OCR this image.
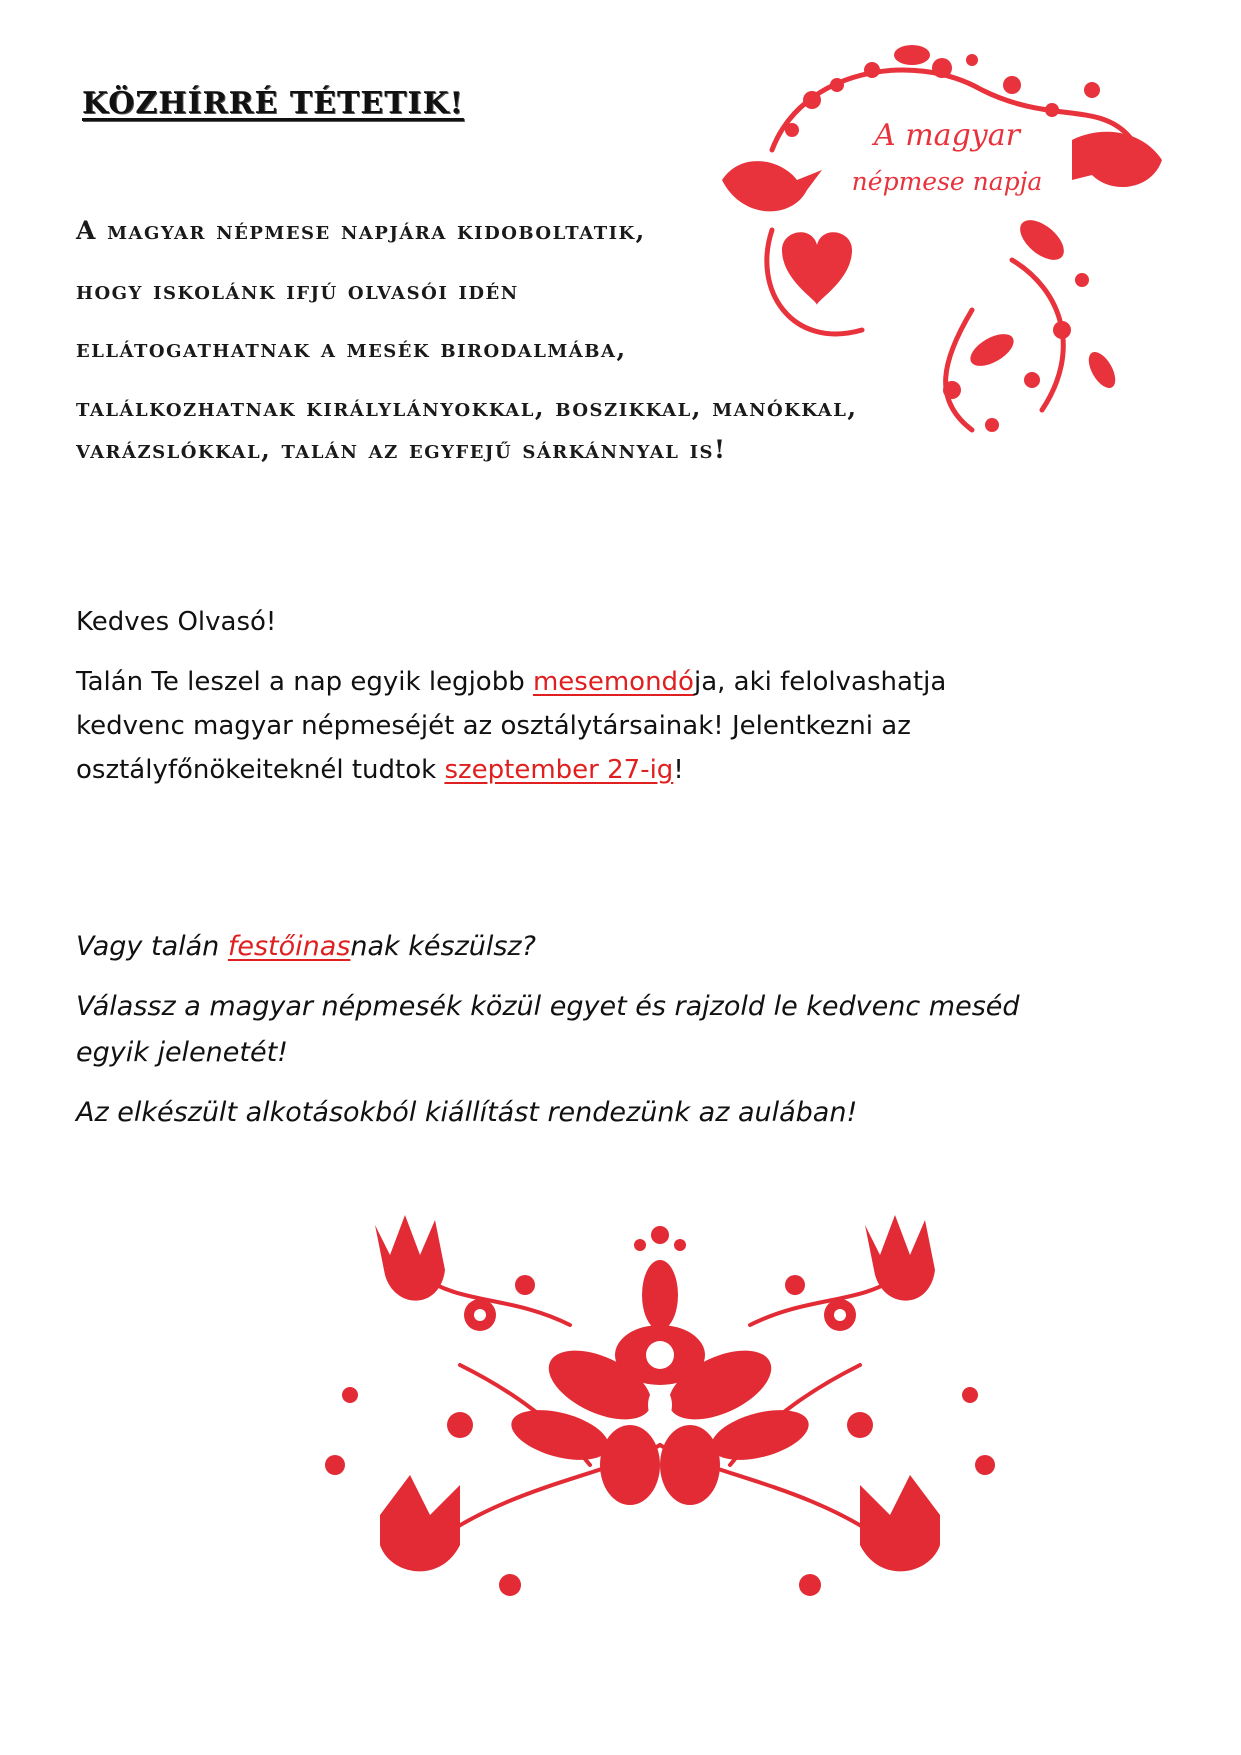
KÖZHÍRRÉ TÉTETIK!
A magyar népmese napjára kidoboltatik,
hogy iskolánk ifjú olvasói idén
ellátogathatnak a mesék birodalmába,
találkozhatnak királylányokkal, boszikkal, manókkal,
varázslókkal, talán az egyfejű sárkánnyal is!
A magyar
népmese napja
Kedves Olvasó!
Talán Te leszel a nap egyik legjobb mesemondója, aki felolvashatja
kedvenc magyar népmeséjét az osztálytársainak! Jelentkezni az
osztályfőnökeiteknél tudtok szeptember 27-ig!
Vagy talán festőinasnak készülsz?
Válassz a magyar népmesék közül egyet és rajzold le kedvenc meséd
egyik jelenetét!
Az elkészült alkotásokból kiállítást rendezünk az aulában!
